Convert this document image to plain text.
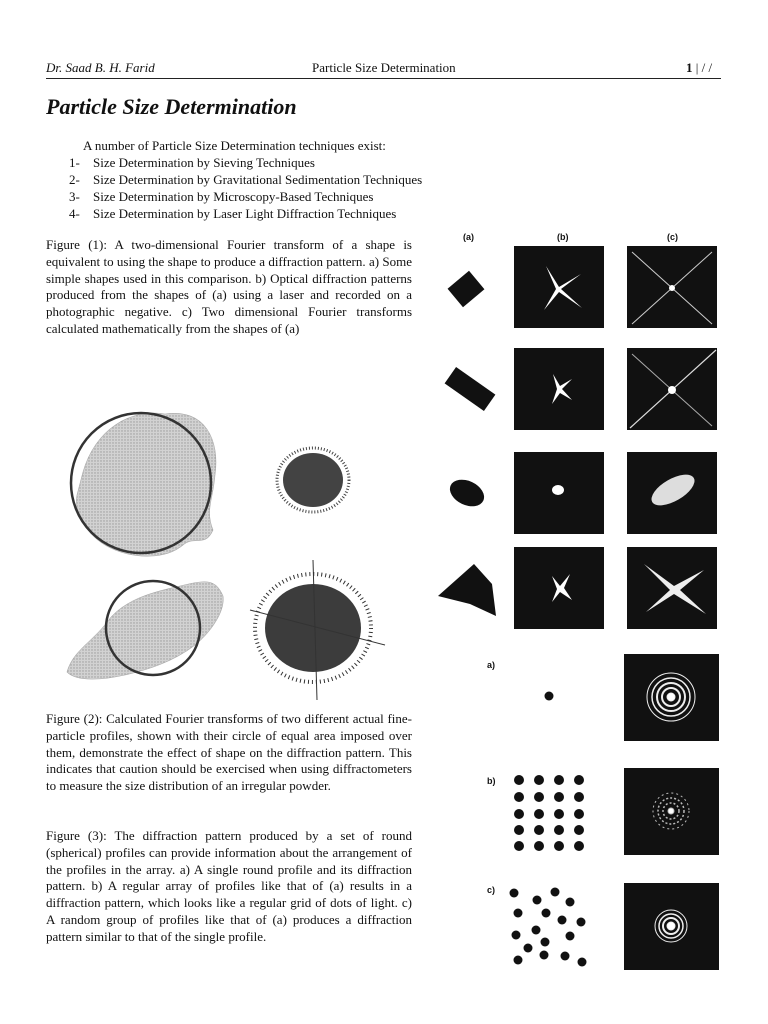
Dr. Saad B. H. Farid	Particle Size Determination	1 | / /
Particle Size Determination
A number of Particle Size Determination techniques exist:
1- Size Determination by Sieving Techniques
2- Size Determination by Gravitational Sedimentation Techniques
3- Size Determination by Microscopy-Based Techniques
4- Size Determination by Laser Light Diffraction Techniques
Figure (1): A two-dimensional Fourier transform of a shape is equivalent to using the shape to produce a diffraction pattern. a) Some simple shapes used in this comparison. b) Optical diffraction patterns produced from the shapes of (a) using a laser and recorded on a photographic negative. c) Two dimensional Fourier transforms calculated mathematically from the shapes of (a)
Figure (2): Calculated Fourier transforms of two different actual fine-particle profiles, shown with their circle of equal area imposed over them, demonstrate the effect of shape on the diffraction pattern. This indicates that caution should be exercised when using diffractometers to measure the size distribution of an irregular powder.
Figure (3): The diffraction pattern produced by a set of round (spherical) profiles can provide information about the arrangement of the profiles in the array. a) A single round profile and its diffraction pattern. b) A regular array of profiles like that of (a) results in a diffraction pattern, which looks like a regular grid of dots of light. c) A random group of profiles like that of (a) produces a diffraction pattern similar to that of the single profile.
(a)	(b)	(c)
a)
b)
c)
